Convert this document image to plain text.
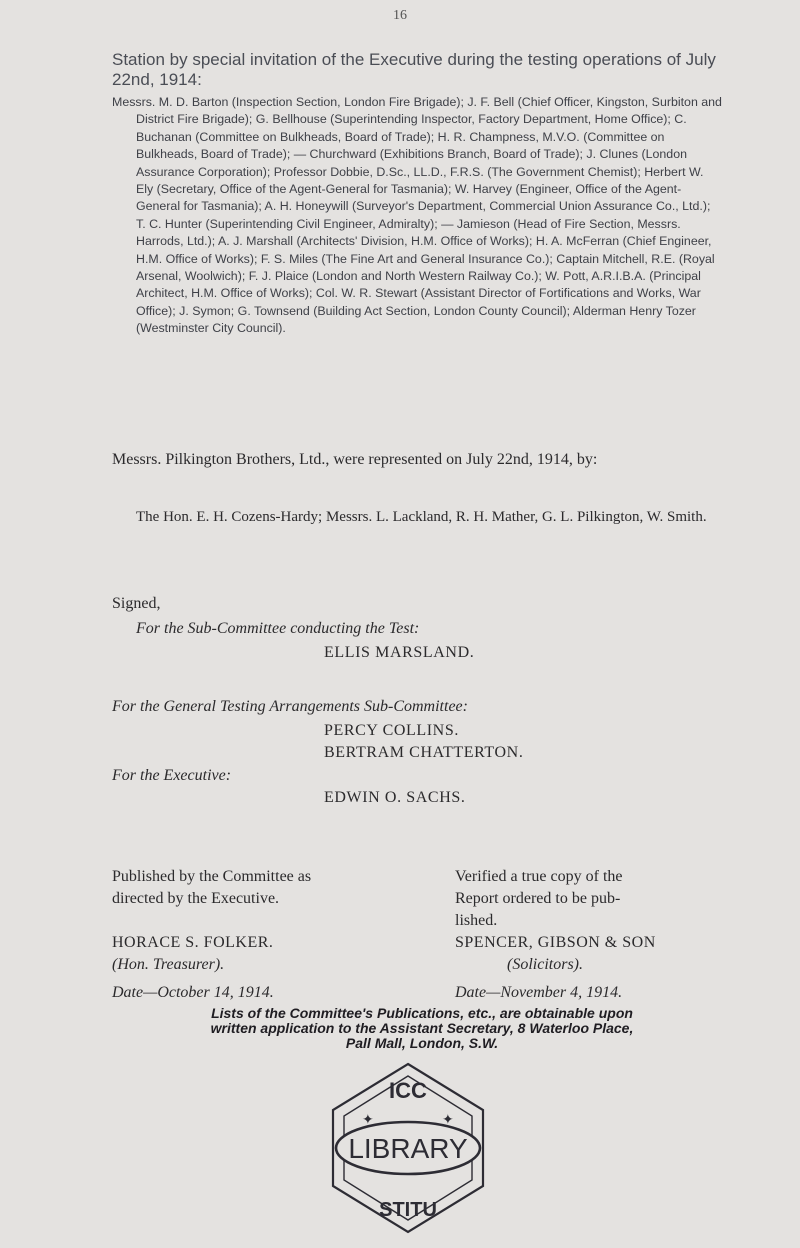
16
Station by special invitation of the Executive during the testing operations of July 22nd, 1914:
Messrs. M. D. Barton (Inspection Section, London Fire Brigade); J. F. Bell (Chief Officer, Kingston, Surbiton and District Fire Brigade); G. Bellhouse (Superintending Inspector, Factory Department, Home Office); C. Buchanan (Committee on Bulkheads, Board of Trade); H. R. Champness, M.V.O. (Committee on Bulkheads, Board of Trade); — Churchward (Exhibitions Branch, Board of Trade); J. Clunes (London Assurance Corporation); Professor Dobbie, D.Sc., LL.D., F.R.S. (The Government Chemist); Herbert W. Ely (Secretary, Office of the Agent-General for Tasmania); W. Harvey (Engineer, Office of the Agent-General for Tasmania); A. H. Honeywill (Surveyor's Department, Commercial Union Assurance Co., Ltd.); T. C. Hunter (Superintending Civil Engineer, Admiralty); — Jamieson (Head of Fire Section, Messrs. Harrods, Ltd.); A. J. Marshall (Architects' Division, H.M. Office of Works); H. A. McFerran (Chief Engineer, H.M. Office of Works); F. S. Miles (The Fine Art and General Insurance Co.); Captain Mitchell, R.E. (Royal Arsenal, Woolwich); F. J. Plaice (London and North Western Railway Co.); W. Pott, A.R.I.B.A. (Principal Architect, H.M. Office of Works); Col. W. R. Stewart (Assistant Director of Fortifications and Works, War Office); J. Symon; G. Townsend (Building Act Section, London County Council); Alderman Henry Tozer (Westminster City Council).
Messrs. Pilkington Brothers, Ltd., were represented on July 22nd, 1914, by:
The Hon. E. H. Cozens-Hardy; Messrs. L. Lackland, R. H. Mather, G. L. Pilkington, W. Smith.
Signed,
For the Sub-Committee conducting the Test:
ELLIS MARSLAND.
For the General Testing Arrangements Sub-Committee:
PERCY COLLINS.
BERTRAM CHATTERTON.
For the Executive:
EDWIN O. SACHS.
Published by the Committee as
directed by the Executive.
HORACE S. FOLKER.
(Hon. Treasurer).
Date—October 14, 1914.
Verified a true copy of the
Report ordered to be pub-
lished.
SPENCER, GIBSON & SON
(Solicitors).
Date—November 4, 1914.
Lists of the Committee's Publications, etc., are obtainable upon
written application to the Assistant Secretary, 8 Waterloo Place,
Pall Mall, London, S.W.
ICC
LIBRARY
STITU
✦	✦
